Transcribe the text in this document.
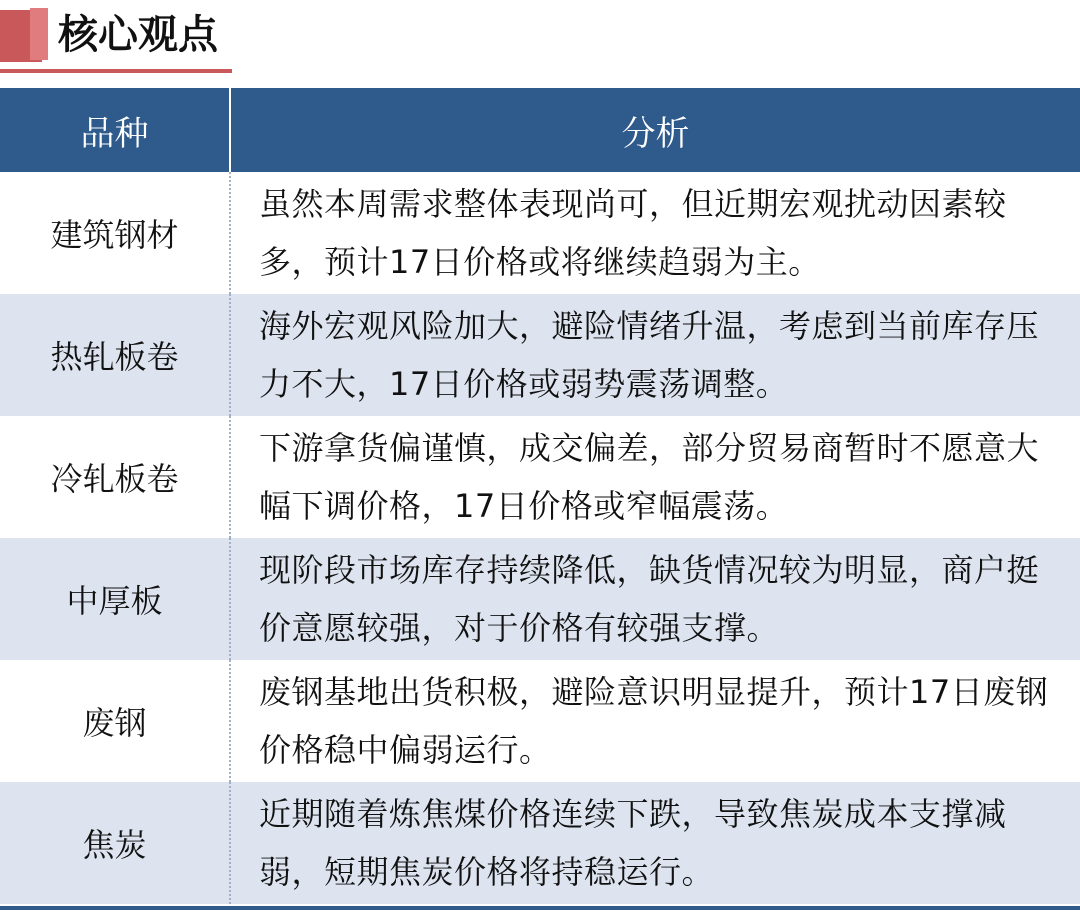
核心观点
品种	分析
建筑钢材	虽然本周需求整体表现尚可，但近期宏观扰动因素较多，预计17日价格或将继续趋弱为主。
热轧板卷	海外宏观风险加大，避险情绪升温，考虑到当前库存压力不大，17日价格或弱势震荡调整。
冷轧板卷	下游拿货偏谨慎，成交偏差，部分贸易商暂时不愿意大幅下调价格，17日价格或窄幅震荡。
中厚板	现阶段市场库存持续降低，缺货情况较为明显，商户挺价意愿较强，对于价格有较强支撑。
废钢	废钢基地出货积极，避险意识明显提升，预计17日废钢价格稳中偏弱运行。
焦炭	近期随着炼焦煤价格连续下跌，导致焦炭成本支撑减弱，短期焦炭价格将持稳运行。
